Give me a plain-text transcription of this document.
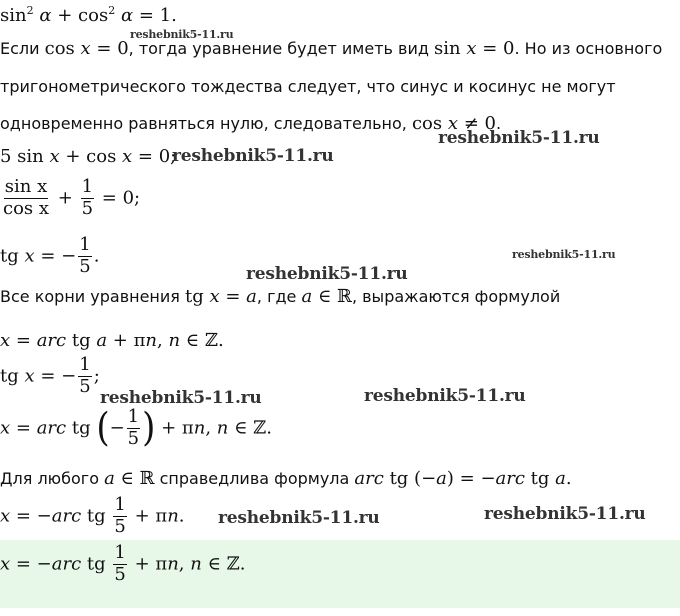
$\sin^2 \alpha + \cos^2 \alpha = 1$.
Если cos x = 0, тогда уравнение будет иметь вид sin x = 0. Но из основного
тригонометрического тождества следует, что синус и косинус не могут
одновременно равняться нулю, следовательно, cos x ≠ 0.
5 sin x + cos x = 0;
$\frac{\text{sin x}}{\text{cos x}} + \frac{1}{5} = 0$;
tg x = − $\frac{1}{5}$ .
Все корни уравнения tg x = a, где a ∈ ℝ, выражаются формулой
x = arc tg a + πn, n ∈ ℤ.
tg x = − $\frac{1}{5}$ ;
x = arc tg (− $\frac{1}{5}$ ) + πn, n ∈ ℤ.
Для любого a ∈ ℝ справедлива формула arc tg (−a) = −arc tg a.
x = −arc tg $\frac{1}{5} + \pi n$.
x = −arc tg $\frac{1}{5} + \pi n$, n ∈ ℤ.
reshebnik5-11.ru
reshebnik5-11.ru
reshebnik5-11.ru
reshebnik5-11.ru
reshebnik5-11.ru
reshebnik5-11.ru	reshebnik5-11.ru
reshebnik5-11.ru	reshebnik5-11.ru
